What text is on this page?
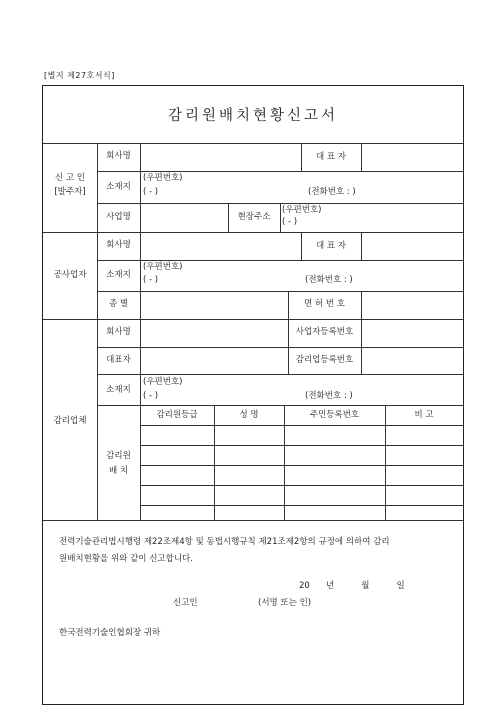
[별지 제27호서식]
감리원배치현황신고서
신 고 인
[발주자]
회사명	대 표 자
소재지
(우편번호)
( - )	(전화번호 : )
사업명	현장주소
(우편번호)
( - )
공사업자
회사명	대 표 자
소재지
(우편번호)
( - )	(전화번호 : )
종 별	면 허 번 호
감리업체
회사명	사업자등록번호
대표자	감리업등록번호
소재지
(우편번호)
( - )	(전화번호 : )
감리원
배 치
감리원등급	성 명	주민등록번호	비 고
전력기술관리법시행령 제22조제4항 및 동법시행규칙 제21조제2항의 규정에 의하여 감리
원배치현황을 위와 같이 신고합니다.
20      년          월          일
신고인	(서명 또는 인)
한국전력기술인협회장 귀하
